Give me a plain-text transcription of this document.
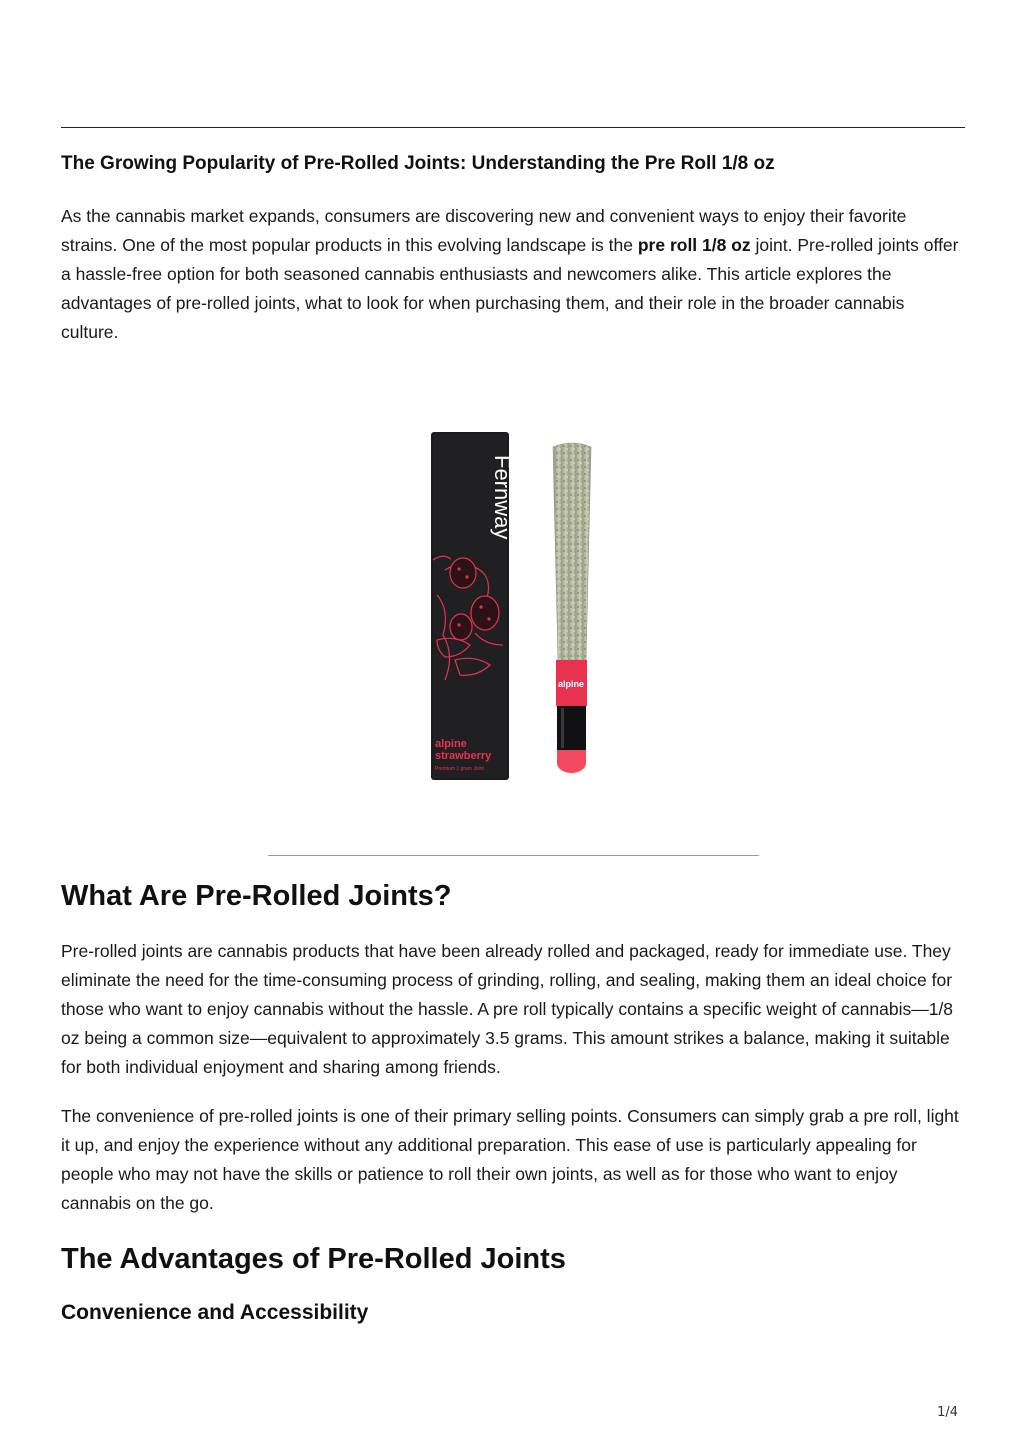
The Growing Popularity of Pre-Rolled Joints: Understanding the Pre Roll 1/8 oz

As the cannabis market expands, consumers are discovering new and convenient ways to enjoy their favorite strains. One of the most popular products in this evolving landscape is the pre roll 1/8 oz joint. Pre-rolled joints offer a hassle-free option for both seasoned cannabis enthusiasts and newcomers alike. This article explores the advantages of pre-rolled joints, what to look for when purchasing them, and their role in the broader cannabis culture.

Fernway
alpine
strawberry
Premium 1 gram Joint
alpine
What Are Pre-Rolled Joints?

Pre-rolled joints are cannabis products that have been already rolled and packaged, ready for immediate use. They eliminate the need for the time-consuming process of grinding, rolling, and sealing, making them an ideal choice for those who want to enjoy cannabis without the hassle. A pre roll typically contains a specific weight of cannabis—1/8 oz being a common size—equivalent to approximately 3.5 grams. This amount strikes a balance, making it suitable for both individual enjoyment and sharing among friends.

The convenience of pre-rolled joints is one of their primary selling points. Consumers can simply grab a pre roll, light it up, and enjoy the experience without any additional preparation. This ease of use is particularly appealing for people who may not have the skills or patience to roll their own joints, as well as for those who want to enjoy cannabis on the go.

The Advantages of Pre-Rolled Joints
Convenience and Accessibility
1/4
